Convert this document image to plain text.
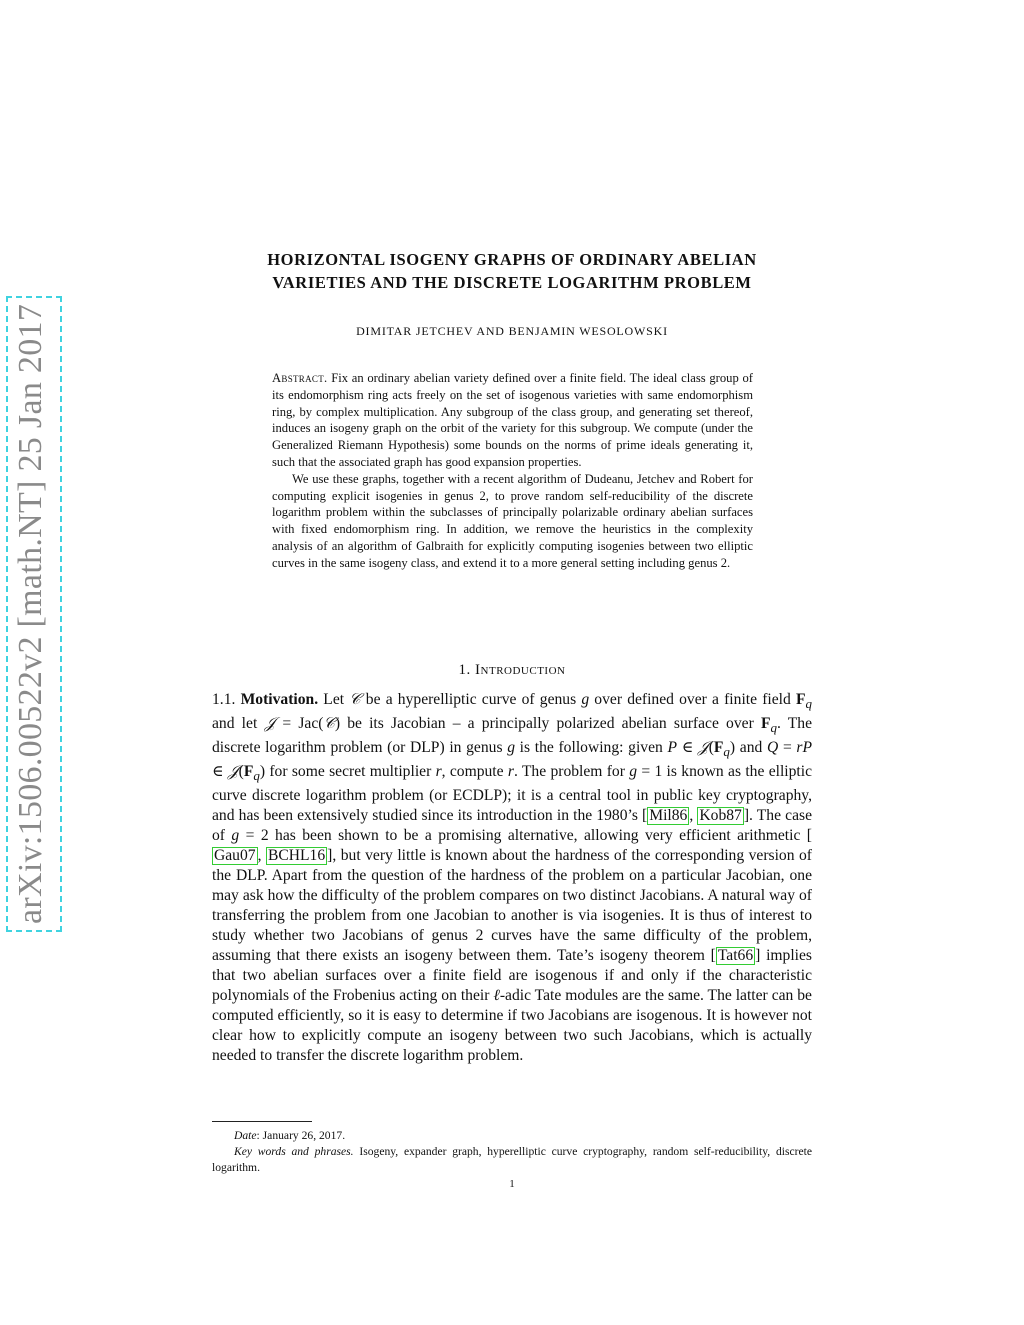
arXiv:1506.00522v2 [math.NT] 25 Jan 2017
HORIZONTAL ISOGENY GRAPHS OF ORDINARY ABELIAN
VARIETIES AND THE DISCRETE LOGARITHM PROBLEM
DIMITAR JETCHEV AND BENJAMIN WESOLOWSKI

Abstract. Fix an ordinary abelian variety defined over a finite field. The ideal class group of its endomorphism ring acts freely on the set of isogenous varieties with same endomorphism ring, by complex multiplication. Any subgroup of the class group, and generating set thereof, induces an isogeny graph on the orbit of the variety for this subgroup. We compute (under the Generalized Riemann Hypothesis) some bounds on the norms of prime ideals generating it, such that the associated graph has good expansion properties.

We use these graphs, together with a recent algorithm of Dudeanu, Jetchev and Robert for computing explicit isogenies in genus 2, to prove random self-reducibility of the discrete logarithm problem within the subclasses of principally polarizable ordinary abelian surfaces with fixed endomorphism ring. In addition, we remove the heuristics in the complexity analysis of an algorithm of Galbraith for explicitly computing isogenies between two elliptic curves in the same isogeny class, and extend it to a more general setting including genus 2.

1. Introduction

1.1. Motivation. Let 𝒞 be a hyperelliptic curve of genus g over defined over a finite field $F_q$ and let 𝒥 = Jac(𝒞) be its Jacobian – a principally polarized abelian surface over $F_q$. The discrete logarithm problem (or DLP) in genus g is the following: given P ∈ $𝒥(F_q)$ and Q = rP ∈ $𝒥(F_q)$ for some secret multiplier r, compute r. The problem for g = 1 is known as the elliptic curve discrete logarithm problem (or ECDLP); it is a central tool in public key cryptography, and has been extensively studied since its introduction in the 1980’s [ Mil86 , Kob87 ]. The case of g = 2 has been shown to be a promising alternative, allowing very efficient arithmetic [Gau07 , BCHL16 ], but very little is known about the hardness of the corresponding version of the DLP. Apart from the question of the hardness of the problem on a particular Jacobian, one may ask how the difficulty of the problem compares on two distinct Jacobians. A natural way of transferring the problem from one Jacobian to another is via isogenies. It is thus of interest to study whether two Jacobians of genus 2 curves have the same difficulty of the problem, assuming that there exists an isogeny between them. Tate’s isogeny theorem [ Tat66 ] implies that two abelian surfaces over a finite field are isogenous if and only if the characteristic polynomials of the Frobenius acting on their ℓ-adic Tate modules are the same. The latter can be computed efficiently, so it is easy to determine if two Jacobians are isogenous. It is however not clear how to explicitly compute an isogeny between two such Jacobians, which is actually needed to transfer the discrete logarithm problem.

Date: January 26, 2017.

Key words and phrases. Isogeny, expander graph, hyperelliptic curve cryptography, random self-reducibility, discrete logarithm.

1
